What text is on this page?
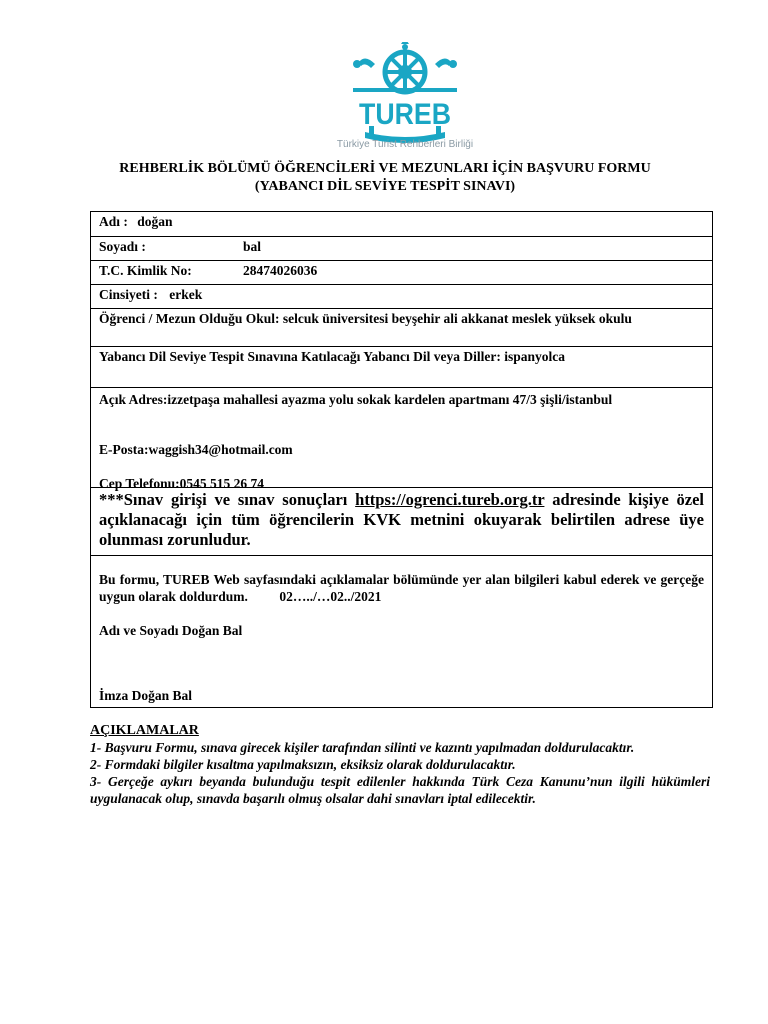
TUREB
Türkiye Turist Rehberleri Birliği
REHBERLİK BÖLÜMÜ ÖĞRENCİLERİ VE MEZUNLARI İÇİN BAŞVURU FORMU
(YABANCI DİL SEVİYE TESPİT SINAVI)
Adı : doğan
Soyadı :	bal
T.C. Kimlik No:	28474026036
Cinsiyeti : erkek
Öğrenci / Mezun Olduğu Okul: selcuk üniversitesi beyşehir ali akkanat meslek yüksek okulu
Yabancı Dil Seviye Tespit Sınavına Katılacağı Yabancı Dil veya Diller: ispanyolca
Açık Adres:izzetpaşa mahallesi ayazma yolu sokak kardelen apartmanı 47/3 şişli/istanbul
E-Posta:waggish34@hotmail.com
Cep Telefonu:0545 515 26 74
***Sınav girişi ve sınav sonuçları https://ogrenci.tureb.org.tr adresinde kişiye özel açıklanacağı için tüm öğrencilerin KVK metnini okuyarak belirtilen adrese üye olunması zorunludur.
Bu formu, TUREB Web sayfasındaki açıklamalar bölümünde yer alan bilgileri kabul ederek ve gerçeğe uygun olarak doldurdum. 02…../…02../2021
Adı ve Soyadı Doğan Bal
İmza Doğan Bal
AÇIKLAMALAR

1- Başvuru Formu, sınava girecek kişiler tarafından silinti ve kazıntı yapılmadan doldurulacaktır.

2- Formdaki bilgiler kısaltma yapılmaksızın, eksiksiz olarak doldurulacaktır.

3- Gerçeğe aykırı beyanda bulunduğu tespit edilenler hakkında Türk Ceza Kanunu’nun ilgili hükümleri uygulanacak olup, sınavda başarılı olmuş olsalar dahi sınavları iptal edilecektir.
